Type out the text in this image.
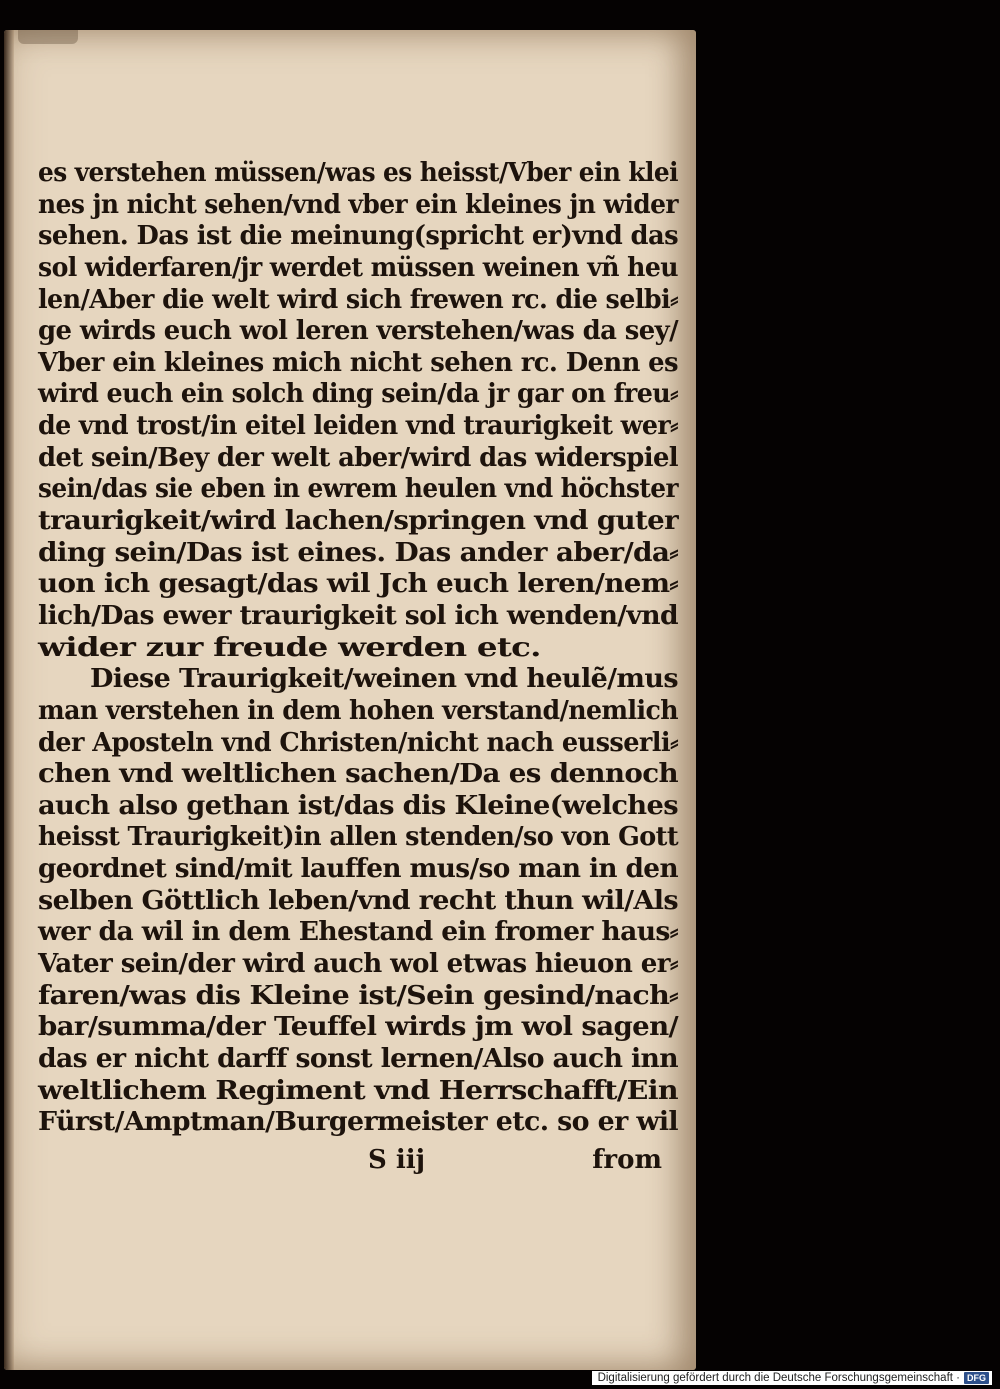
es verstehen müssen/was es heisst/Vber ein klei
nes jn nicht sehen/vnd vber ein kleines jn wider
sehen. Das ist die meinung(spricht er)vnd das
sol widerfaren/jr werdet müssen weinen vñ heu
len/Aber die welt wird sich frewen rc. die selbi⸗
ge wirds euch wol leren verstehen/was da sey/
Vber ein kleines mich nicht sehen rc. Denn es
wird euch ein solch ding sein/da jr gar on freu⸗
de vnd trost/in eitel leiden vnd traurigkeit wer⸗
det sein/Bey der welt aber/wird das widerspiel
sein/das sie eben in ewrem heulen vnd höchster
traurigkeit/wird lachen/springen vnd guter
ding sein/Das ist eines. Das ander aber/da⸗
uon ich gesagt/das wil Jch euch leren/nem⸗
lich/Das ewer traurigkeit sol ich wenden/vnd
wider zur freude werden etc.
Diese Traurigkeit/weinen vnd heulẽ/mus
man verstehen in dem hohen verstand/nemlich
der Aposteln vnd Christen/nicht nach eusserli⸗
chen vnd weltlichen sachen/Da es dennoch
auch also gethan ist/das dis Kleine(welches
heisst Traurigkeit)in allen stenden/so von Gott
geordnet sind/mit lauffen mus/so man in den
selben Göttlich leben/vnd recht thun wil/Als
wer da wil in dem Ehestand ein fromer haus⸗
Vater sein/der wird auch wol etwas hieuon er⸗
faren/was dis Kleine ist/Sein gesind/nach⸗
bar/summa/der Teuffel wirds jm wol sagen/
das er nicht darff sonst lernen/Also auch inn
weltlichem Regiment vnd Herrschafft/Ein
Fürst/Amptman/Burgermeister etc. so er wil
S iij	from
Digitalisierung gefördert durch die Deutsche Forschungsgemeinschaft · DFG
